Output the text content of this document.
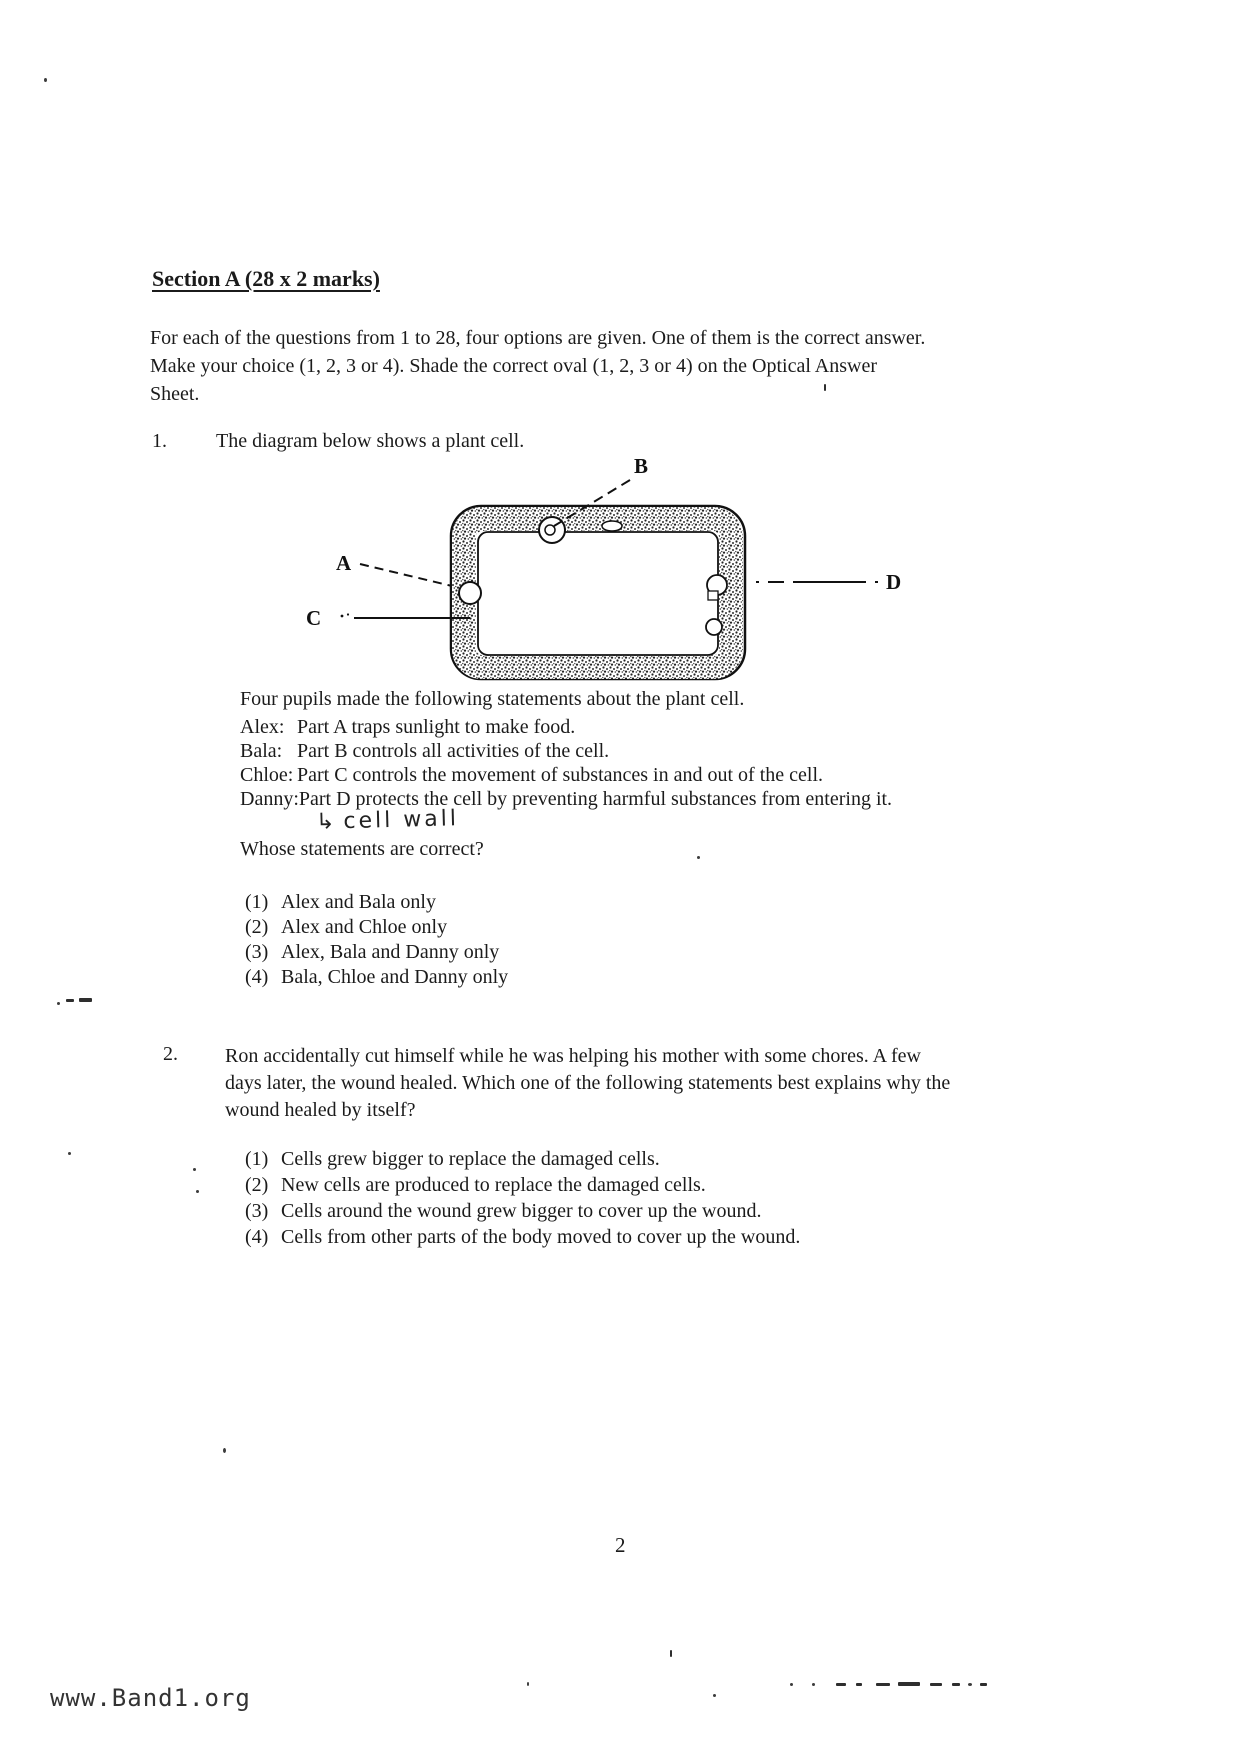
Section A (28 x 2 marks)
For each of the questions from 1 to 28, four options are given. One of them is the correct answer.
Make your choice (1, 2, 3 or 4). Shade the correct oval (1, 2, 3 or 4) on the Optical Answer
Sheet.
1. The diagram below shows a plant cell.
B
A
C
D
Four pupils made the following statements about the plant cell.
Alex: Part A traps sunlight to make food.
Bala: Part B controls all activities of the cell.
Chloe: Part C controls the movement of substances in and out of the cell.
Danny:Part D protects the cell by preventing harmful substances from entering it.
↳ cell wall
Whose statements are correct?
(1) Alex and Bala only
(2) Alex and Chloe only
(3) Alex, Bala and Danny only
(4) Bala, Chloe and Danny only
2. Ron accidentally cut himself while he was helping his mother with some chores. A few
days later, the wound healed. Which one of the following statements best explains why the
wound healed by itself?
(1) Cells grew bigger to replace the damaged cells.
(2) New cells are produced to replace the damaged cells.
(3) Cells around the wound grew bigger to cover up the wound.
(4) Cells from other parts of the body moved to cover up the wound.
2
www.Band1.org
